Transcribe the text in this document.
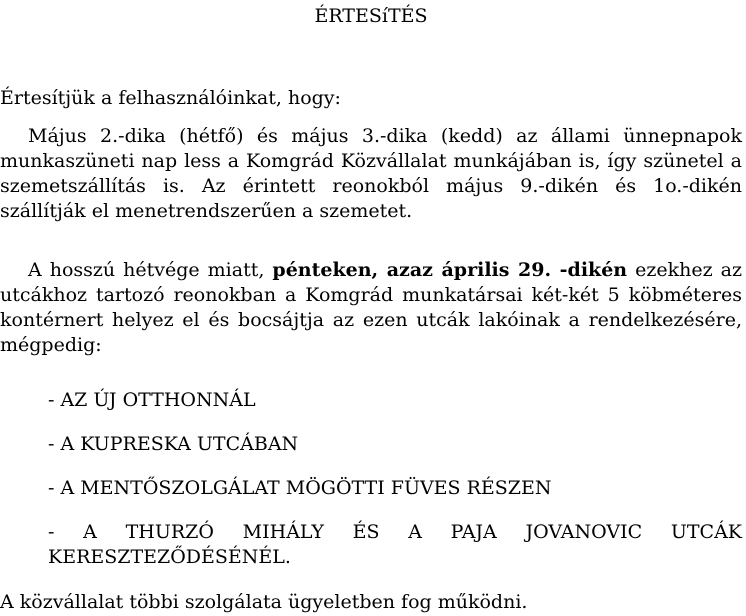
ÉRTESíTÉS

Értesítjük a felhasználóinkat, hogy:

Május 2.-dika (hétfő) és május 3.-dika (kedd) az állami ünnepnapok munkaszüneti nap less a Komgrád Közvállalat munkájában is, így szünetel a szemetszállítás is. Az érintett reonokból május 9.-dikén és 1o.-dikén szállítják el menetrendszerűen a szemetet.

A hosszú hétvége miatt, pénteken, azaz április 29. -dikén ezekhez az utcákhoz tartozó reonokban a Komgrád munkatársai két-két 5 köbméteres kontérnert helyez el és bocsájtja az ezen utcák lakóinak a rendelkezésére, mégpedig:

- AZ ÚJ OTTHONNÁL

- A KUPRESKA UTCÁBAN

- A MENTŐSZOLGÁLAT MÖGÖTTI FÜVES RÉSZEN

- A THURZÓ MIHÁLY ÉS A PAJA JOVANOVIC UTCÁK

KERESZTEZŐDÉSÉNÉL.

A közvállalat többi szolgálata ügyeletben fog működni.
